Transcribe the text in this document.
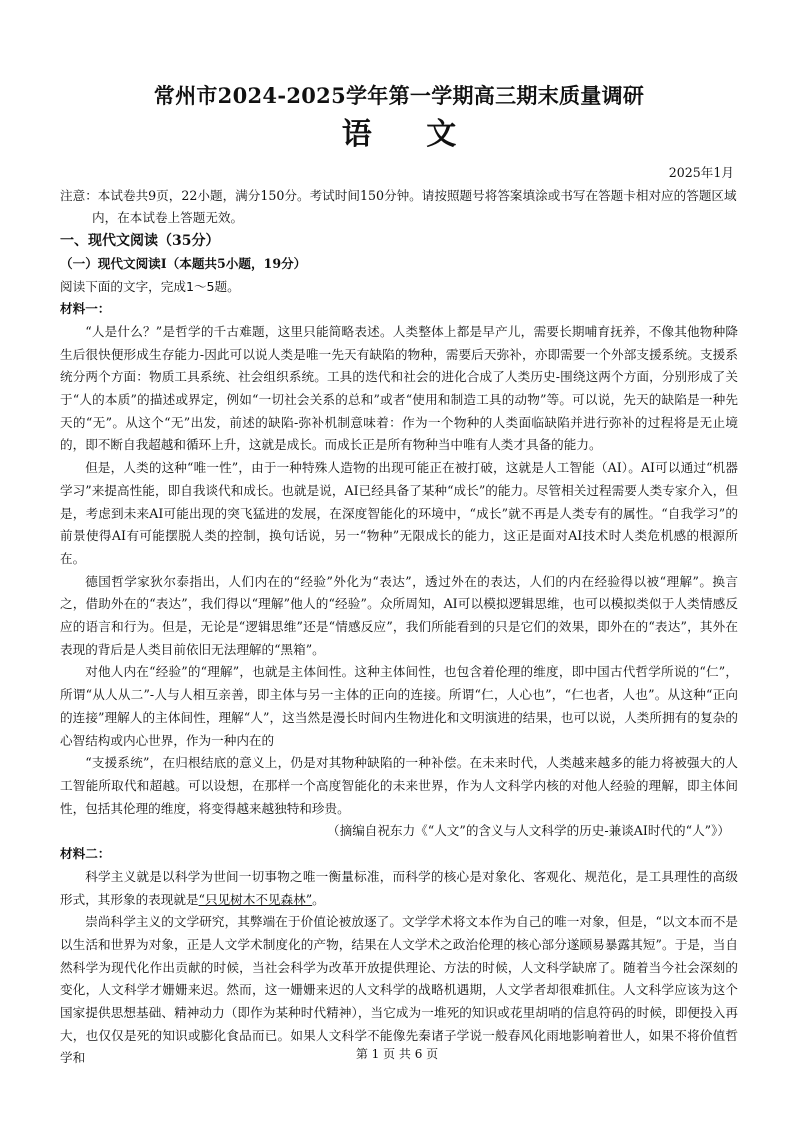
常州市2024-2025学年第一学期高三期末质量调研
语 文

2025年1月

注意：本试卷共9页，22小题，满分150分。考试时间150分钟。请按照题号将答案填涂或书写在答题卡相对应的答题区域内，在本试卷上答题无效。

一、现代文阅读（35分）

（一）现代文阅读Ⅰ（本题共5小题，19分）

阅读下面的文字，完成1～5题。

材料一：

“人是什么？”是哲学的千古难题，这里只能简略表述。人类整体上都是早产儿，需要长期哺育抚养，不像其他物种降生后很快便形成生存能力-因此可以说人类是唯一先天有缺陷的物种，需要后天弥补，亦即需要一个外部支援系统。支援系统分两个方面：物质工具系统、社会组织系统。工具的迭代和社会的进化合成了人类历史-围绕这两个方面，分别形成了关于“人的本质”的描述或界定，例如“一切社会关系的总和”或者“使用和制造工具的动物”等。可以说，先天的缺陷是一种先天的“无”。从这个“无”出发，前述的缺陷-弥补机制意味着：作为一个物种的人类面临缺陷并进行弥补的过程将是无止境的，即不断自我超越和循环上升，这就是成长。而成长正是所有物种当中唯有人类才具备的能力。

但是，人类的这种“唯一性”，由于一种特殊人造物的出现可能正在被打破，这就是人工智能（AI）。AI可以通过“机器学习”来提高性能，即自我谈代和成长。也就是说，AI已经具备了某种“成长”的能力。尽管相关过程需要人类专家介入，但是，考虑到未来AI可能出现的突飞猛进的发展，在深度智能化的环境中，“成长”就不再是人类专有的属性。“自我学习”的前景使得AI有可能摆脱人类的控制，换句话说，另一“物种”无限成长的能力，这正是面对AI技术时人类危机感的根源所在。

德国哲学家狄尔泰指出，人们内在的“经验”外化为“表达”，透过外在的表达，人们的内在经验得以被“理解”。换言之，借助外在的“表达”，我们得以“理解”他人的“经验”。众所周知，AI可以模拟逻辑思维，也可以模拟类似于人类情感反应的语言和行为。但是，无论是“逻辑思维”还是“情感反应”，我们所能看到的只是它们的效果，即外在的“表达”，其外在表现的背后是人类目前依旧无法理解的“黑箱”。

对他人内在“经验”的“理解”，也就是主体间性。这种主体间性，也包含着伦理的维度，即中国古代哲学所说的“仁”，所谓“从人从二”-人与人相互亲善，即主体与另一主体的正向的连接。所谓“仁，人心也”，“仁也者，人也”。从这种“正向的连接”理解人的主体间性，理解“人”，这当然是漫长时间内生物进化和文明演进的结果，也可以说，人类所拥有的复杂的心智结构或内心世界，作为一种内在的

“支援系统”，在归根结底的意义上，仍是对其物种缺陷的一种补偿。在未来时代，人类越来越多的能力将被强大的人工智能所取代和超越。可以设想，在那样一个高度智能化的未来世界，作为人文科学内核的对他人经验的理解，即主体间性，包括其伦理的维度，将变得越来越独特和珍贵。

（摘编自祝东力《“人文”的含义与人文科学的历史-兼谈AI时代的“人”》）

材料二：

科学主义就是以科学为世间一切事物之唯一衡量标准，而科学的核心是对象化、客观化、规范化，是工具理性的高级形式，其形象的表现就是“只见树木不见森林”。

崇尚科学主义的文学研究，其弊端在于价值论被放逐了。文学学术将文本作为自己的唯一对象，但是，“以文本而不是以生活和世界为对象，正是人文学术制度化的产物，结果在人文学术之政治伦理的核心部分遂顾易暴露其短”。于是，当自然科学为现代化作出贡献的时候，当社会科学为改革开放提供理论、方法的时候，人文科学缺席了。随着当今社会深刻的变化，人文科学才姗姗来迟。然而，这一姗姗来迟的人文科学的战略机遇期，人文学者却很难抓住。人文科学应该为这个国家提供思想基础、精神动力（即作为某种时代精神），当它成为一堆死的知识或花里胡哨的信息符码的时候，即便投入再大，也仅仅是死的知识或膨化食品而已。如果人文科学不能像先秦诸子学说一般春风化雨地影响着世人，如果不将价值哲学和	第 1 页 共 6 页
